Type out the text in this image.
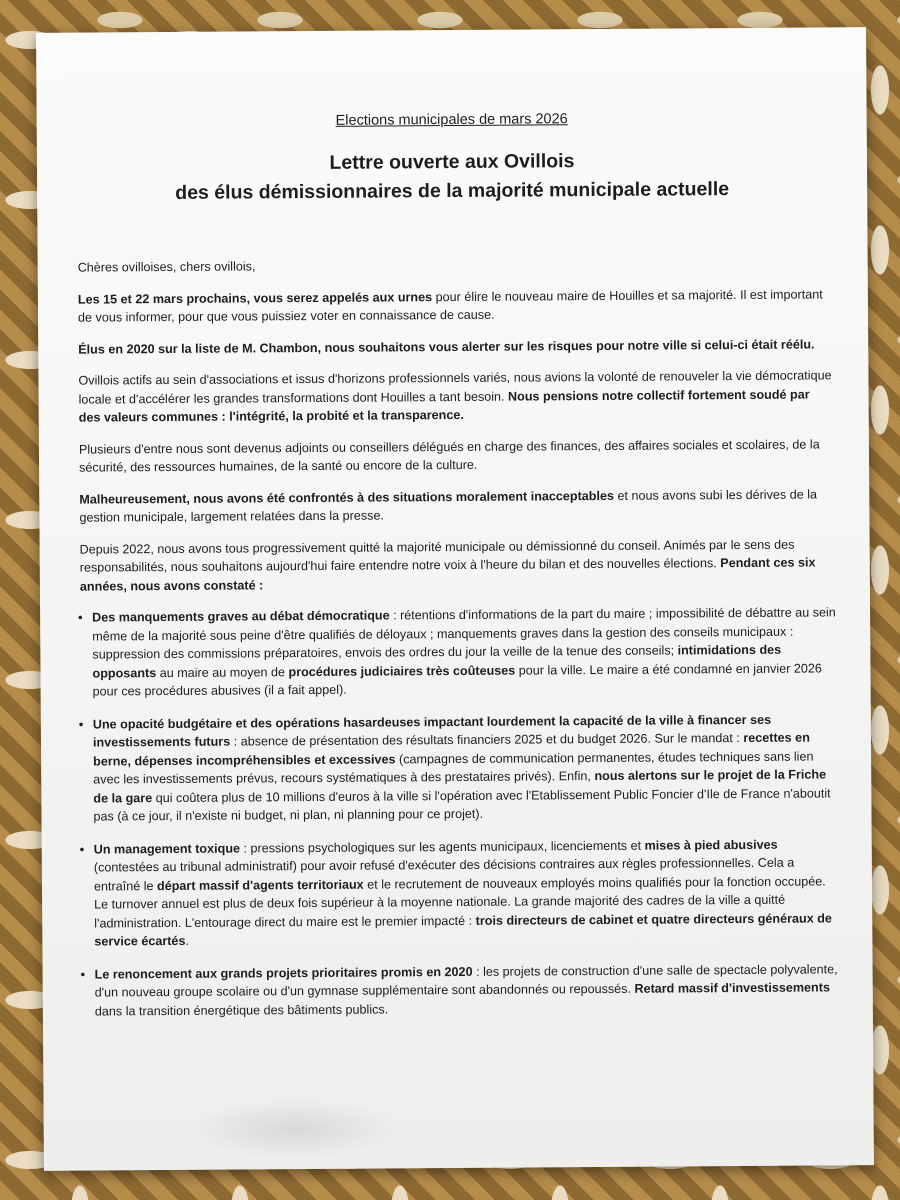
Elections municipales de mars 2026
Lettre ouverte aux Ovillois
des élus démissionnaires de la majorité municipale actuelle

Chères ovilloises, chers ovillois,

Les 15 et 22 mars prochains, vous serez appelés aux urnes pour élire le nouveau maire de Houilles et sa majorité. Il est important de vous informer, pour que vous puissiez voter en connaissance de cause.

Élus en 2020 sur la liste de M. Chambon, nous souhaitons vous alerter sur les risques pour notre ville si celui-ci était réélu.

Ovillois actifs au sein d'associations et issus d'horizons professionnels variés, nous avions la volonté de renouveler la vie démocratique locale et d'accélérer les grandes transformations dont Houilles a tant besoin. Nous pensions notre collectif fortement soudé par des valeurs communes : l'intégrité, la probité et la transparence.

Plusieurs d'entre nous sont devenus adjoints ou conseillers délégués en charge des finances, des affaires sociales et scolaires, de la sécurité, des ressources humaines, de la santé ou encore de la culture.

Malheureusement, nous avons été confrontés à des situations moralement inacceptables et nous avons subi les dérives de la gestion municipale, largement relatées dans la presse.

Depuis 2022, nous avons tous progressivement quitté la majorité municipale ou démissionné du conseil. Animés par le sens des responsabilités, nous souhaitons aujourd'hui faire entendre notre voix à l'heure du bilan et des nouvelles élections. Pendant ces six années, nous avons constaté :

• Des manquements graves au débat démocratique : rétentions d'informations de la part du maire ; impossibilité de débattre au sein même de la majorité sous peine d'être qualifiés de déloyaux ; manquements graves dans la gestion des conseils municipaux : suppression des commissions préparatoires, envois des ordres du jour la veille de la tenue des conseils; intimidations des opposants au maire au moyen de procédures judiciaires très coûteuses pour la ville. Le maire a été condamné en janvier 2026 pour ces procédures abusives (il a fait appel).
• Une opacité budgétaire et des opérations hasardeuses impactant lourdement la capacité de la ville à financer ses investissements futurs : absence de présentation des résultats financiers 2025 et du budget 2026. Sur le mandat : recettes en berne, dépenses incompréhensibles et excessives (campagnes de communication permanentes, études techniques sans lien avec les investissements prévus, recours systématiques à des prestataires privés). Enfin, nous alertons sur le projet de la Friche de la gare qui coûtera plus de 10 millions d'euros à la ville si l'opération avec l'Etablissement Public Foncier d'Ile de France n'aboutit pas (à ce jour, il n'existe ni budget, ni plan, ni planning pour ce projet).
• Un management toxique : pressions psychologiques sur les agents municipaux, licenciements et mises à pied abusives (contestées au tribunal administratif) pour avoir refusé d'exécuter des décisions contraires aux règles professionnelles. Cela a entraîné le départ massif d'agents territoriaux et le recrutement de nouveaux employés moins qualifiés pour la fonction occupée. Le turnover annuel est plus de deux fois supérieur à la moyenne nationale. La grande majorité des cadres de la ville a quitté l'administration. L'entourage direct du maire est le premier impacté : trois directeurs de cabinet et quatre directeurs généraux de service écartés.
• Le renoncement aux grands projets prioritaires promis en 2020 : les projets de construction d'une salle de spectacle polyvalente, d'un nouveau groupe scolaire ou d'un gymnase supplémentaire sont abandonnés ou repoussés. Retard massif d'investissements dans la transition énergétique des bâtiments publics.
